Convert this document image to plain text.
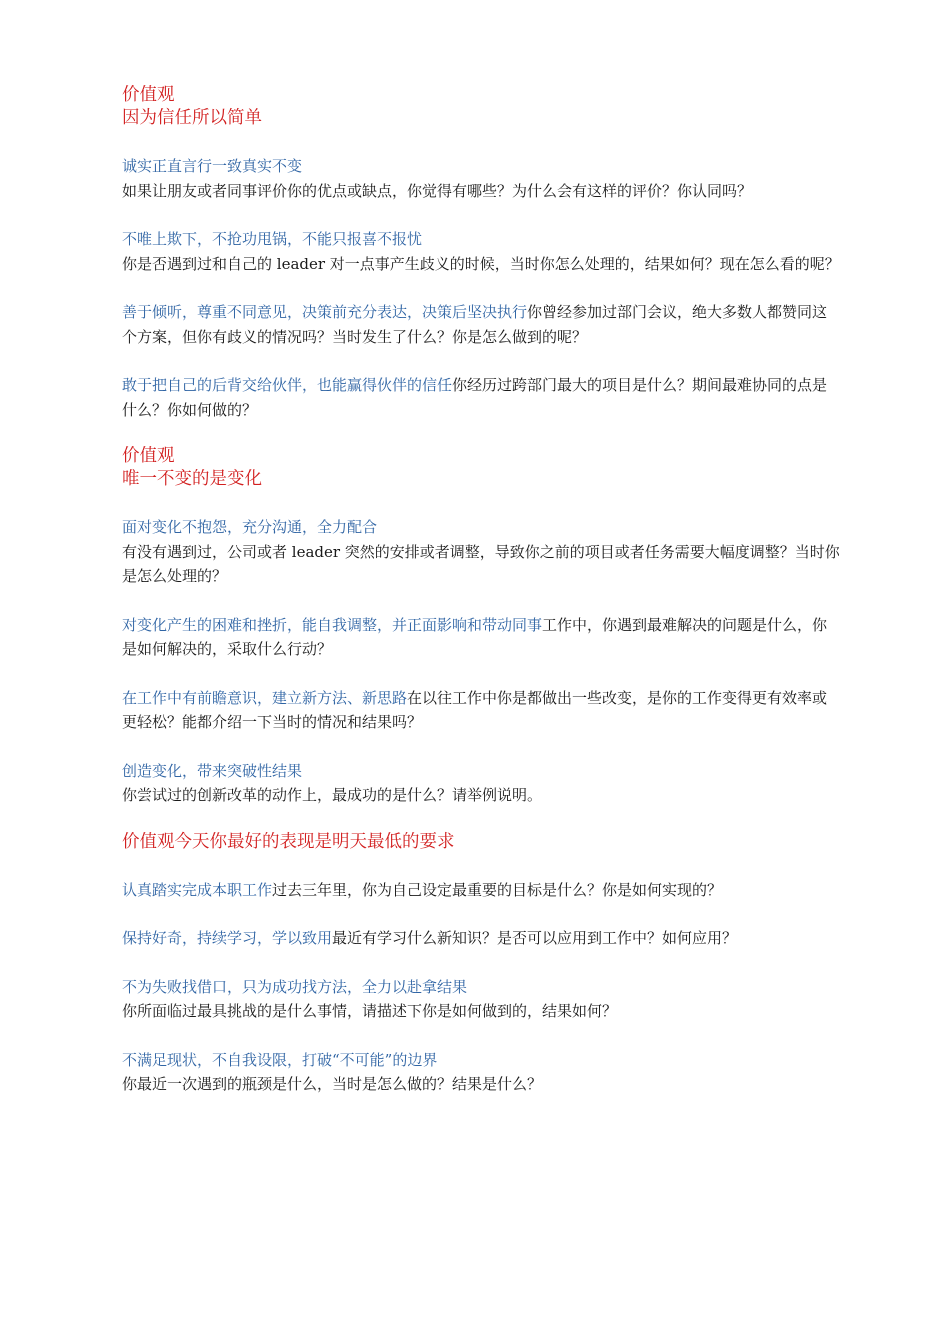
价值观
因为信任所以简单
诚实正直言行一致真实不变
如果让朋友或者同事评价你的优点或缺点，你觉得有哪些？为什么会有这样的评价？你认同吗？
不唯上欺下，不抢功甩锅，不能只报喜不报忧
你是否遇到过和自己的 leader 对一点事产生歧义的时候，当时你怎么处理的，结果如何？现在怎么看的呢？
善于倾听，尊重不同意见，决策前充分表达，决策后坚决执行你曾经参加过部门会议，绝大多数人都赞同这个方案，但你有歧义的情况吗？当时发生了什么？你是怎么做到的呢？
敢于把自己的后背交给伙伴，也能赢得伙伴的信任你经历过跨部门最大的项目是什么？期间最难协同的点是什么？你如何做的？
价值观
唯一不变的是变化
面对变化不抱怨，充分沟通，全力配合
有没有遇到过，公司或者 leader 突然的安排或者调整，导致你之前的项目或者任务需要大幅度调整？当时你是怎么处理的？
对变化产生的困难和挫折，能自我调整，并正面影响和带动同事工作中，你遇到最难解决的问题是什么，你是如何解决的，采取什么行动？
在工作中有前瞻意识，建立新方法、新思路在以往工作中你是都做出一些改变，是你的工作变得更有效率或更轻松？能都介绍一下当时的情况和结果吗？
创造变化，带来突破性结果
你尝试过的创新改革的动作上，最成功的是什么？请举例说明。
价值观今天你最好的表现是明天最低的要求
认真踏实完成本职工作过去三年里，你为自己设定最重要的目标是什么？你是如何实现的？
保持好奇，持续学习，学以致用最近有学习什么新知识？是否可以应用到工作中？如何应用？
不为失败找借口，只为成功找方法，全力以赴拿结果
你所面临过最具挑战的是什么事情，请描述下你是如何做到的，结果如何？
不满足现状，不自我设限，打破“不可能”的边界
你最近一次遇到的瓶颈是什么，当时是怎么做的？结果是什么？
